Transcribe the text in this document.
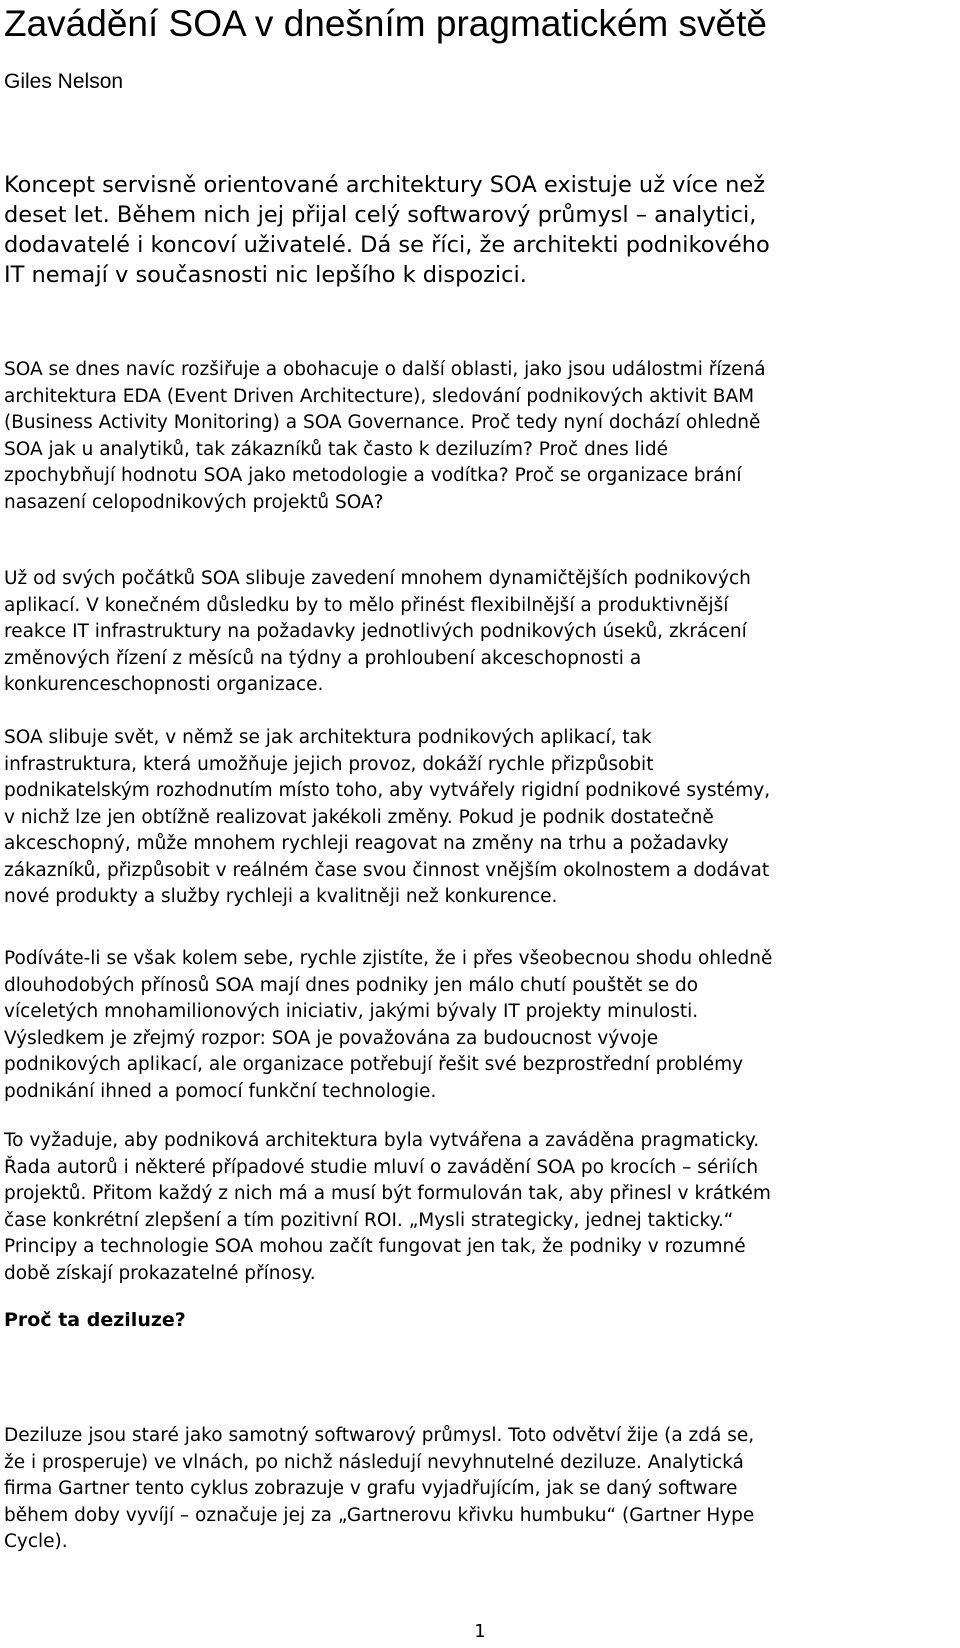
Zavádění SOA v dnešním pragmatickém světě

Giles Nelson

Koncept servisně orientované architektury SOA existuje už více než
deset let. Během nich jej přijal celý softwarový průmysl – analytici,
dodavatelé i koncoví uživatelé. Dá se říci, že architekti podnikového
IT nemají v současnosti nic lepšího k dispozici.

SOA se dnes navíc rozšiřuje a obohacuje o další oblasti, jako jsou událostmi řízená
architektura EDA (Event Driven Architecture), sledování podnikových aktivit BAM
(Business Activity Monitoring) a SOA Governance. Proč tedy nyní dochází ohledně
SOA jak u analytiků, tak zákazníků tak často k deziluzím? Proč dnes lidé
zpochybňují hodnotu SOA jako metodologie a vodítka? Proč se organizace brání
nasazení celopodnikových projektů SOA?

Už od svých počátků SOA slibuje zavedení mnohem dynamičtějších podnikových
aplikací. V konečném důsledku by to mělo přinést flexibilnější a produktivnější
reakce IT infrastruktury na požadavky jednotlivých podnikových úseků, zkrácení
změnových řízení z měsíců na týdny a prohloubení akceschopnosti a
konkurenceschopnosti organizace.

SOA slibuje svět, v němž se jak architektura podnikových aplikací, tak
infrastruktura, která umožňuje jejich provoz, dokáží rychle přizpůsobit
podnikatelským rozhodnutím místo toho, aby vytvářely rigidní podnikové systémy,
v nichž lze jen obtížně realizovat jakékoli změny. Pokud je podnik dostatečně
akceschopný, může mnohem rychleji reagovat na změny na trhu a požadavky
zákazníků, přizpůsobit v reálném čase svou činnost vnějším okolnostem a dodávat
nové produkty a služby rychleji a kvalitněji než konkurence.

Podíváte-li se však kolem sebe, rychle zjistíte, že i přes všeobecnou shodu ohledně
dlouhodobých přínosů SOA mají dnes podniky jen málo chutí pouštět se do
víceletých mnohamilionových iniciativ, jakými bývaly IT projekty minulosti.
Výsledkem je zřejmý rozpor: SOA je považována za budoucnost vývoje
podnikových aplikací, ale organizace potřebují řešit své bezprostřední problémy
podnikání ihned a pomocí funkční technologie.

To vyžaduje, aby podniková architektura byla vytvářena a zaváděna pragmaticky.
Řada autorů i některé případové studie mluví o zavádění SOA po krocích – sériích
projektů. Přitom každý z nich má a musí být formulován tak, aby přinesl v krátkém
čase konkrétní zlepšení a tím pozitivní ROI. „Mysli strategicky, jednej takticky.“
Principy a technologie SOA mohou začít fungovat jen tak, že podniky v rozumné
době získají prokazatelné přínosy.

Proč ta deziluze?

Deziluze jsou staré jako samotný softwarový průmysl. Toto odvětví žije (a zdá se,
že i prosperuje) ve vlnách, po nichž následují nevyhnutelné deziluze. Analytická
firma Gartner tento cyklus zobrazuje v grafu vyjadřujícím, jak se daný software
během doby vyvíjí – označuje jej za „Gartnerovu křivku humbuku“ (Gartner Hype
Cycle).

1
